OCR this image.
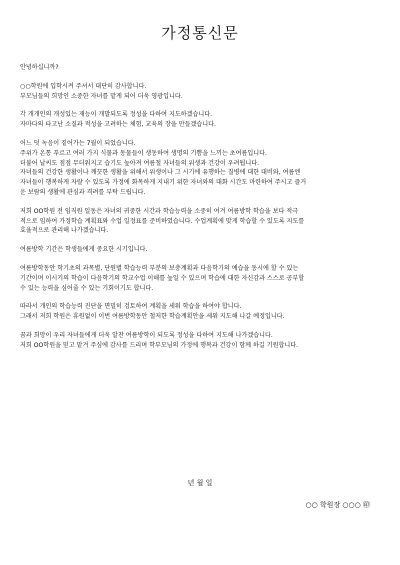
가정통신문
안녕하십니까?
○○학원에 입학시켜 주셔서 대단히 감사합니다.
부모님들의 희망인 소중한 자녀를 맡게 되어 더욱 영광입니다.
각 개개인의 개성있는 재능이 개발되도록 정성을 다하여 지도하겠습니다.
자마다의 타고난 소질과 적성을 고려하는 체험, 교육의 장을 만들겠습니다.
어느 덧 녹음이 짙어가는 7월이 되었습니다.
주위가 온통 푸르고 여러 가지 식물과 동물들이 생동하여 생명의 기쁨을 느끼는 초여름입니다.
더불어 날씨도 점점 무더워지고 습기도 높아져 여름철 자녀들의 위생과 건강이 우려됩니다.
자녀들의 건강한 생활이나 깨끗한 생활을 위해서 위생이나 그 시기에 유행하는 질병에 대한 대비와, 여름엔
자녀들이 행복하게 자랄 수 있도록 가정에 화목하게 지내기 위한 자녀와의 대화 시간도 마련하여 주시고 즐거
운 보람의 생활에 관심과 격려를 부탁 드립니다.
저희 OO학원 전 임직원 일동은 자녀의 귀중한 시간과 학습능력을 소중히 여겨 여름방학 학습을 보다 적극
적으로 임하여 가정학습 계획표와 수업 일정표를 준비하였습니다. 수업계획에 맞게 학습할 수 있도록 지도를
효율적으로 관리해 나가겠습니다.
여름방학 기간은 학생들에게 중요한 시기입니다.
여름방학동안 학기초의 과목별, 단원별 학습능력 부분의 보충계획과 다음학기의 예습을 동시에 할 수 있는
기간이며 이시기의 학습이 다음학기의 학교수업 이해를 높일 수 있으며 학습에 대한 자신감과 스스로 공부할
수 있는 능력을 심어줄 수 있는 기회이기도 합니다.
따라서 개인의 학습능력 진단을 면밀히 검토하여 계획을 세워 학습을 하여야 합니다.
그래서 저희 학원은 휴원없이 이번 여름방학동안 철저한 학습계획안을 세워 지도해 나갈 예정입니다.
꿈과 희망이 우리 자녀들에게 더욱 알찬 여름방학이 되도록 정성을 다하여 지도해 나가겠습니다.
저희 OO학원을 믿고 맡겨 주심에 감사를 드리며 학부모님의 가정에 행복과 건강이 함께 하길 기원합니다.
년 월 일
○○ 학원장 ○○○ ㊞
